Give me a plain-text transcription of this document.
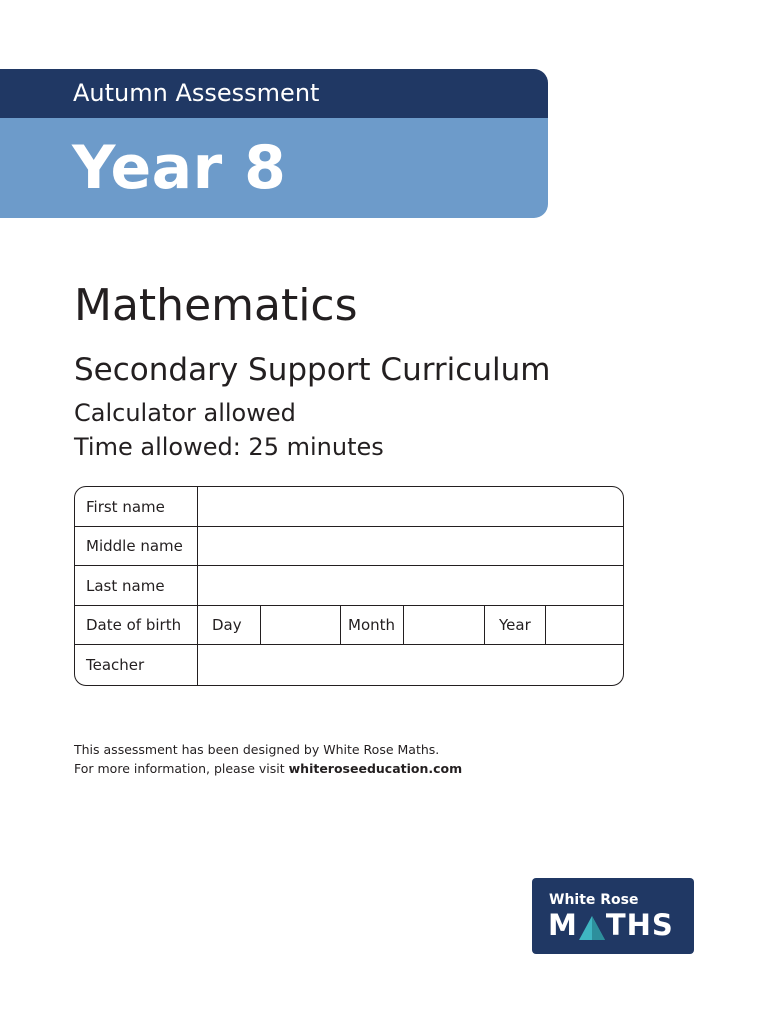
Autumn Assessment
Year 8
Mathematics
Secondary Support Curriculum
Calculator allowed
Time allowed: 25 minutes
First name
Middle name
Last name
Date of birth	Day	Month	Year
Teacher
This assessment has been designed by White Rose Maths.
For more information, please visit whiteroseeducation.com
White Rose
M THS
